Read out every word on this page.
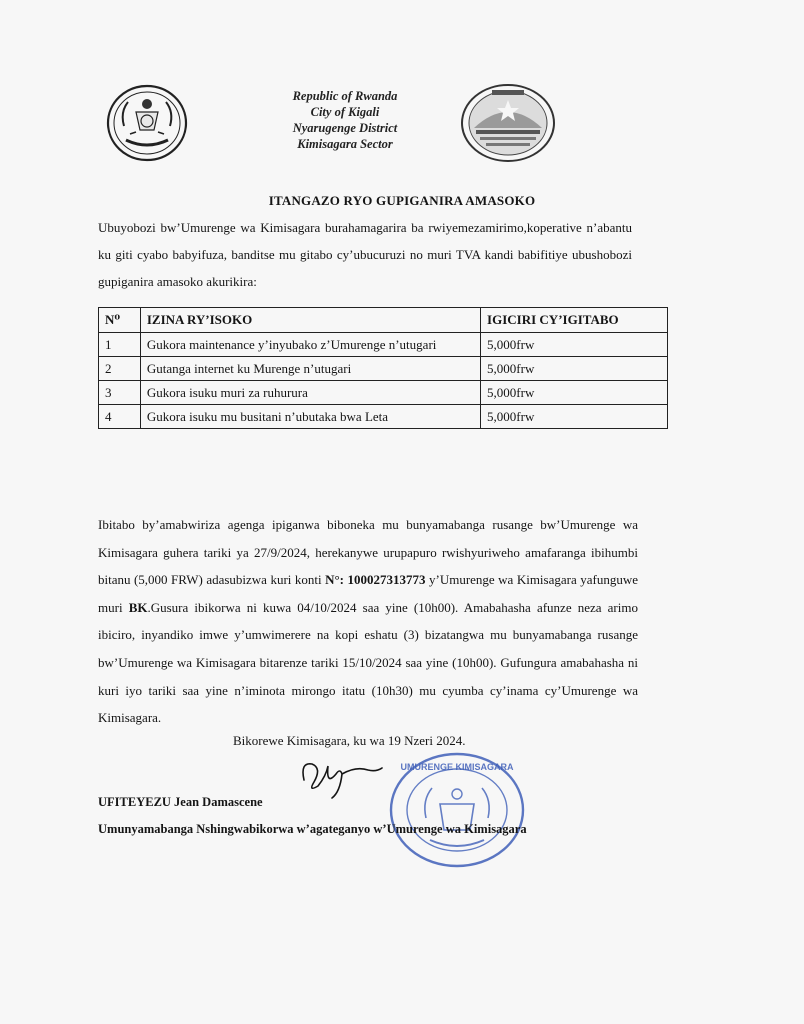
Republic of Rwanda
City of Kigali
Nyarugenge District
Kimisagara Sector
ITANGAZO RYO GUPIGANIRA AMASOKO
Ubuyobozi bw’Umurenge wa Kimisagara burahamagarira ba rwiyemezamirimo,koperative n’abantu ku giti cyabo babyifuza, banditse mu gitabo cy’ubucuruzi no muri TVA kandi babifitiye ubushobozi gupiganira amasoko akurikira:
N⁰	IZINA RY’ISOKO	IGICIRI CY’IGITABO
1	Gukora maintenance y’inyubako z’Umurenge n’utugari	5,000frw
2	Gutanga internet ku Murenge n’utugari	5,000frw
3	Gukora isuku muri za ruhurura	5,000frw
4	Gukora isuku mu busitani n’ubutaka bwa Leta	5,000frw
Ibitabo by’amabwiriza agenga ipiganwa biboneka mu bunyamabanga rusange bw’Umurenge wa Kimisagara guhera tariki ya 27/9/2024, herekanywe urupapuro rwishyuriweho amafaranga ibihumbi bitanu (5,000 FRW) adasubizwa kuri konti N°: 100027313773 y’Umurenge wa Kimisagara yafunguwe muri BK.Gusura ibikorwa ni kuwa 04/10/2024 saa yine (10h00). Amabahasha afunze neza arimo ibiciro, inyandiko imwe y’umwimerere na kopi eshatu (3) bizatangwa mu bunyamabanga rusange bw’Umurenge wa Kimisagara bitarenze tariki 15/10/2024 saa yine (10h00). Gufungura amabahasha ni kuri iyo tariki saa yine n’iminota mirongo itatu (10h30) mu cyumba cy’inama cy’Umurenge wa Kimisagara.
Bikorewe Kimisagara, ku wa 19 Nzeri 2024.
UMURENGE KIMISAGARA
UFITEYEZU Jean Damascene
Umunyamabanga Nshingwabikorwa w’agateganyo w’Umurenge wa Kimisagara
